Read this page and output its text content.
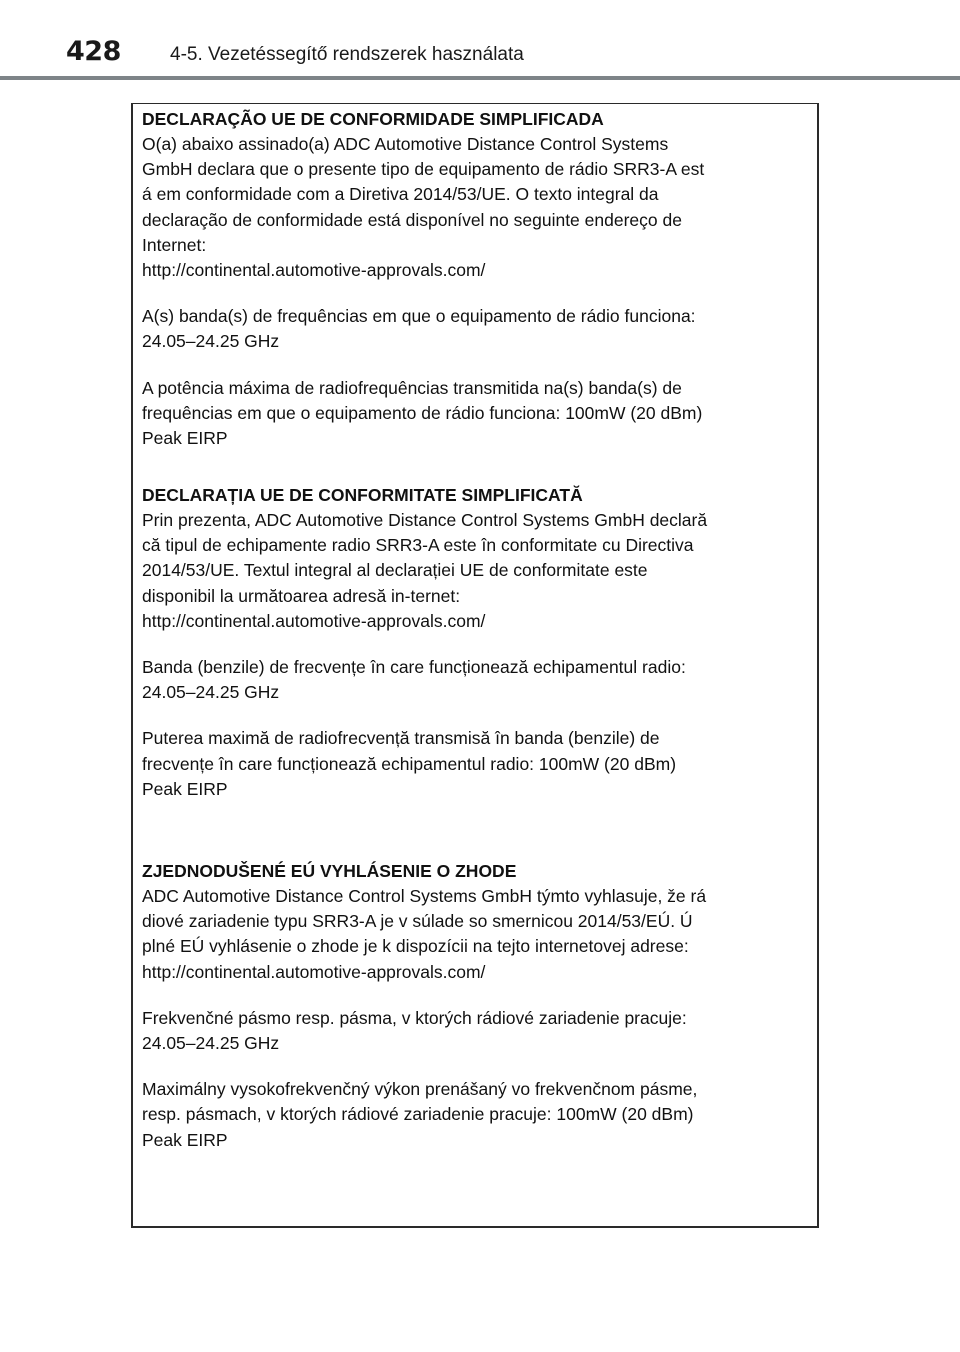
428	4-5. Vezetéssegítő rendszerek használata
DECLARAÇÃO UE DE CONFORMIDADE SIMPLIFICADA
O(a) abaixo assinado(a) ADC Automotive Distance Control Systems
GmbH declara que o presente tipo de equipamento de rádio SRR3-A est
á em conformidade com a Diretiva 2014/53/UE. O texto integral da
declaração de conformidade está disponível no seguinte endereço de
Internet:
http://continental.automotive-approvals.com/
A(s) banda(s) de frequências em que o equipamento de rádio funciona:
24.05–24.25 GHz
A potência máxima de radiofrequências transmitida na(s) banda(s) de
frequências em que o equipamento de rádio funciona: 100mW (20 dBm)
Peak EIRP
DECLARAȚIA UE DE CONFORMITATE SIMPLIFICATĂ
Prin prezenta, ADC Automotive Distance Control Systems GmbH declară
că tipul de echipamente radio SRR3-A este în conformitate cu Directiva
2014/53/UE. Textul integral al declarației UE de conformitate este
disponibil la următoarea adresă in-ternet:
http://continental.automotive-approvals.com/
Banda (benzile) de frecvențe în care funcționează echipamentul radio:
24.05–24.25 GHz
Puterea maximă de radiofrecvență transmisă în banda (benzile) de
frecvențe în care funcționează echipamentul radio: 100mW (20 dBm)
Peak EIRP
ZJEDNODUŠENÉ EÚ VYHLÁSENIE O ZHODE
ADC Automotive Distance Control Systems GmbH týmto vyhlasuje, že rá
diové zariadenie typu SRR3-A je v súlade so smernicou 2014/53/EÚ. Ú
plné EÚ vyhlásenie o zhode je k dispozícii na tejto internetovej adrese:
http://continental.automotive-approvals.com/
Frekvenčné pásmo resp. pásma, v ktorých rádiové zariadenie pracuje:
24.05–24.25 GHz
Maximálny vysokofrekvenčný výkon prenášaný vo frekvenčnom pásme,
resp. pásmach, v ktorých rádiové zariadenie pracuje: 100mW (20 dBm)
Peak EIRP
